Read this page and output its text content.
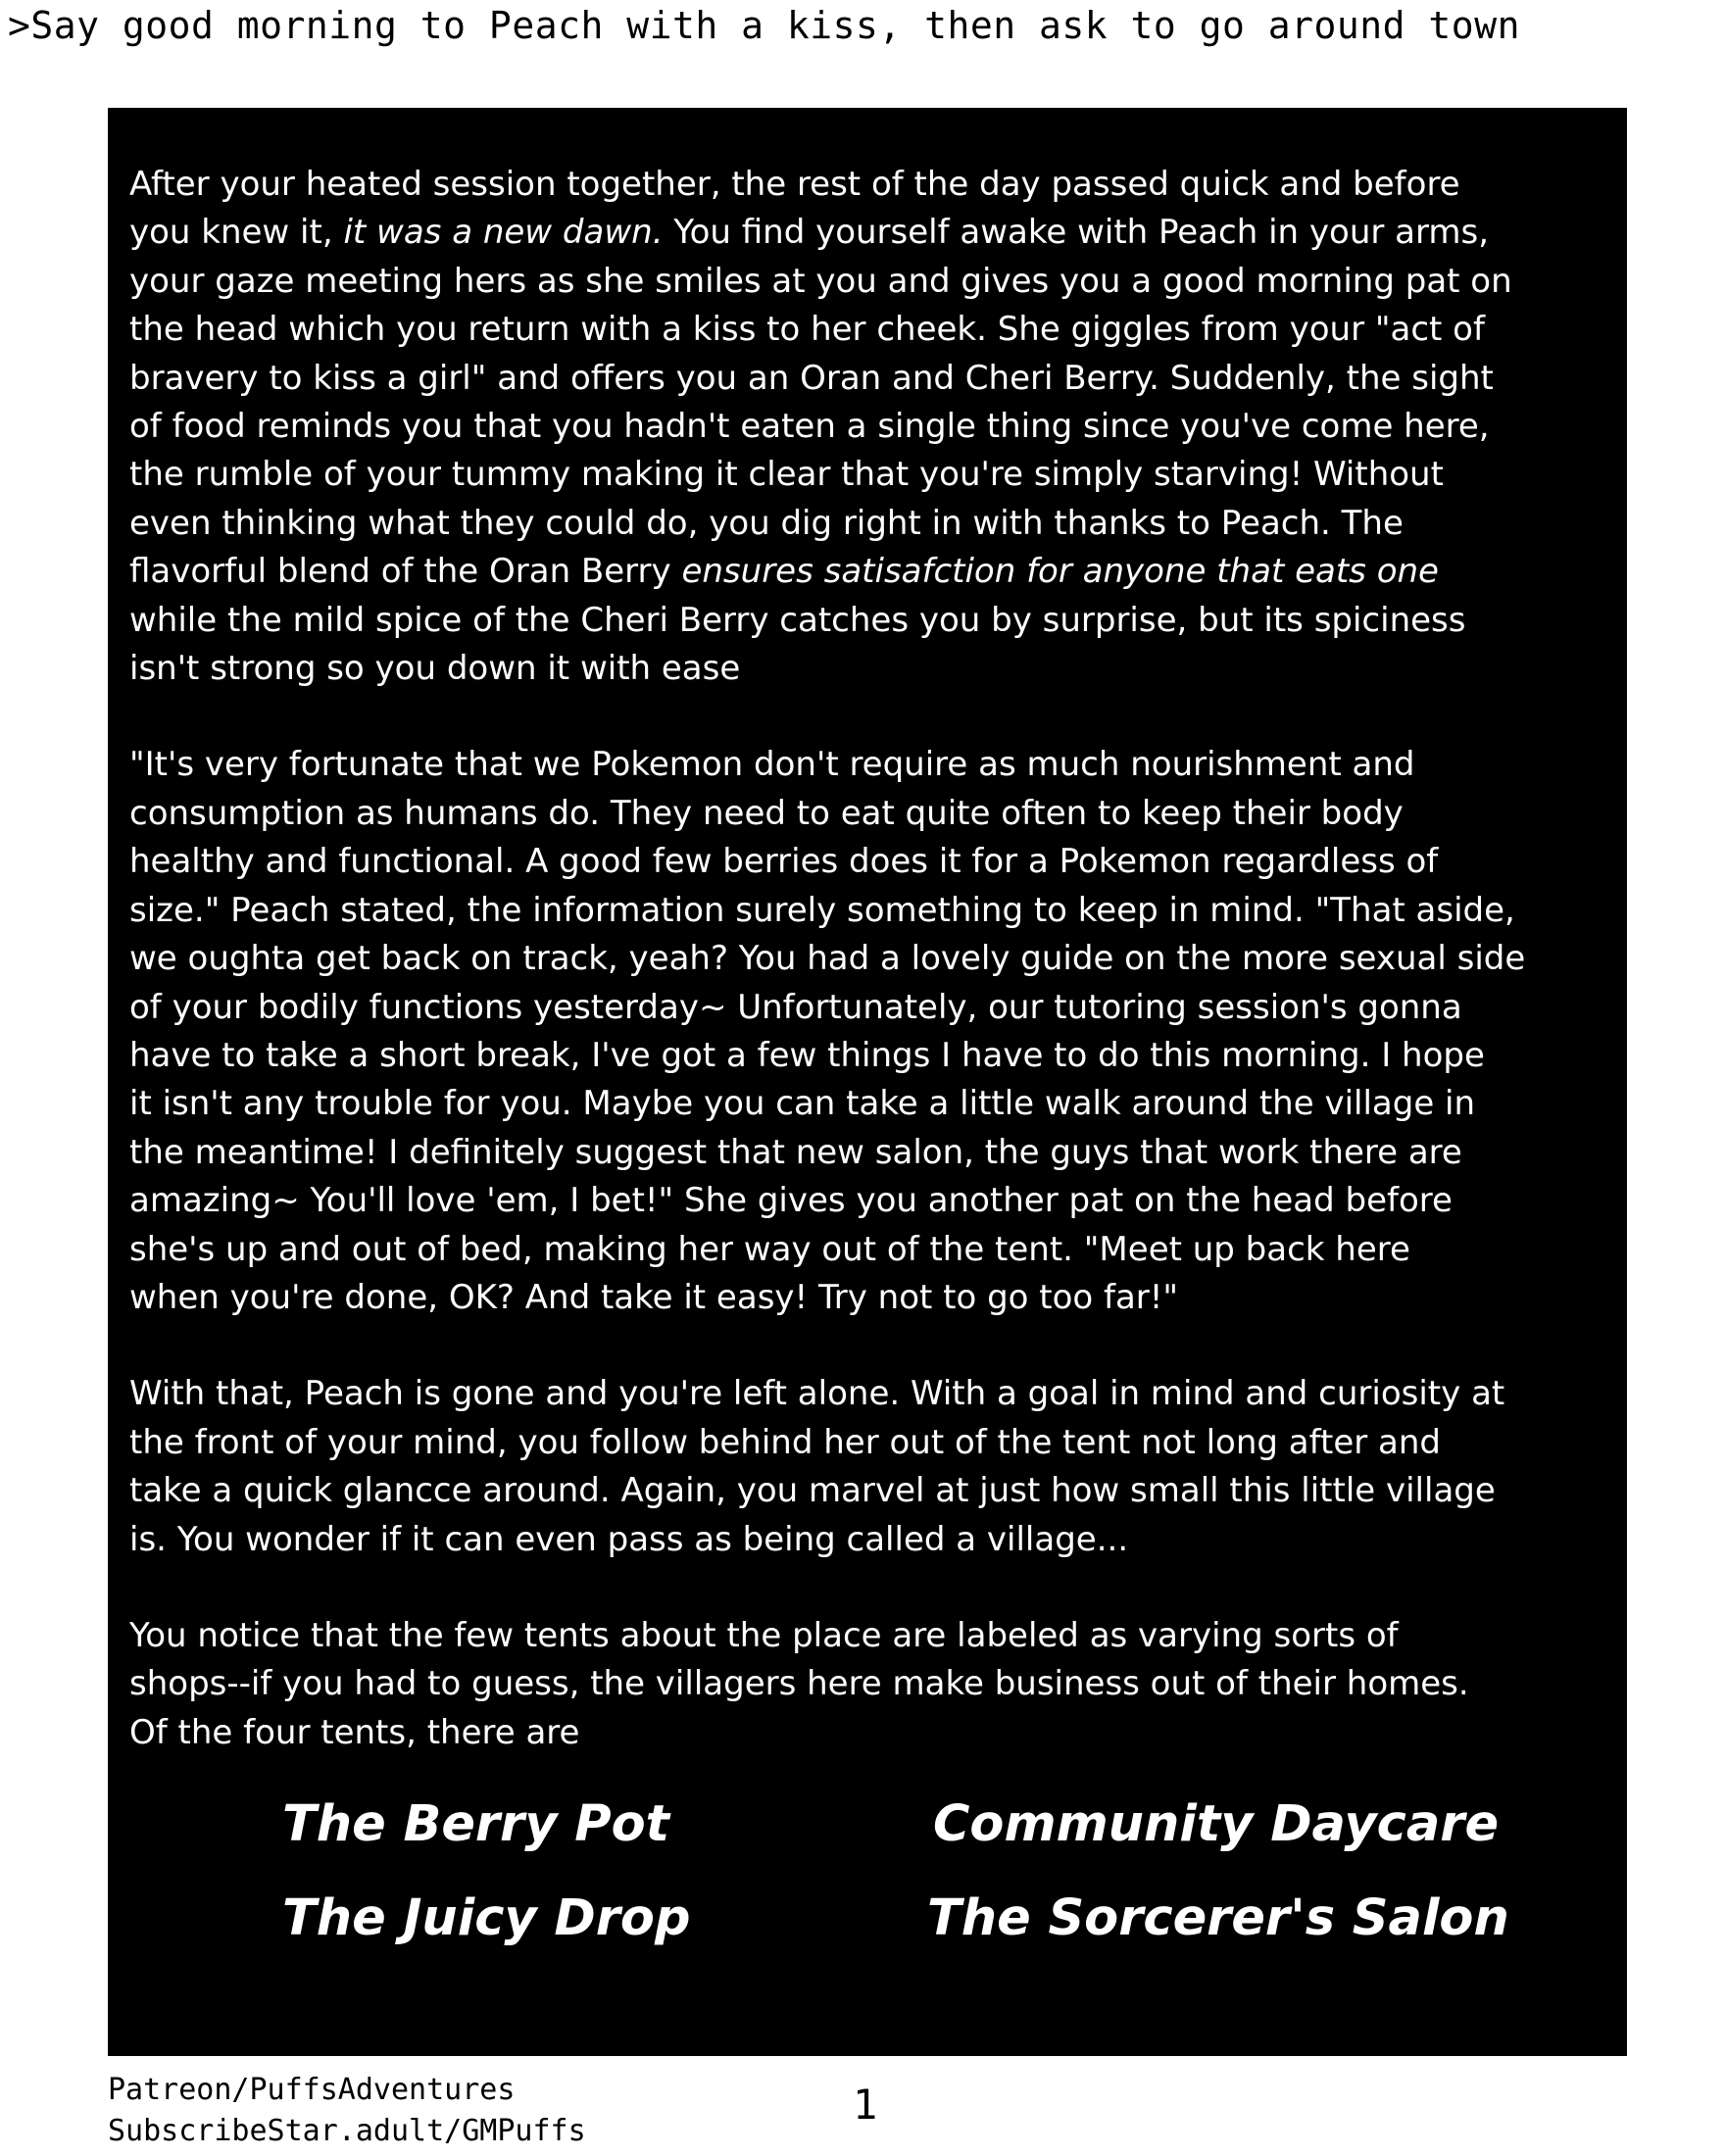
>Say good morning to Peach with a kiss, then ask to go around town

After your heated session together, the rest of the day passed quick and before
you knew it, it was a new dawn. You find yourself awake with Peach in your arms,
your gaze meeting hers as she smiles at you and gives you a good morning pat on
the head which you return with a kiss to her cheek. She giggles from your "act of
bravery to kiss a girl" and offers you an Oran and Cheri Berry. Suddenly, the sight
of food reminds you that you hadn't eaten a single thing since you've come here,
the rumble of your tummy making it clear that you're simply starving! Without
even thinking what they could do, you dig right in with thanks to Peach. The
flavorful blend of the Oran Berry ensures satisafction for anyone that eats one
while the mild spice of the Cheri Berry catches you by surprise, but its spiciness
isn't strong so you down it with ease

"It's very fortunate that we Pokemon don't require as much nourishment and
consumption as humans do. They need to eat quite often to keep their body
healthy and functional. A good few berries does it for a Pokemon regardless of
size." Peach stated, the information surely something to keep in mind. "That aside,
we oughta get back on track, yeah? You had a lovely guide on the more sexual side
of your bodily functions yesterday~ Unfortunately, our tutoring session's gonna
have to take a short break, I've got a few things I have to do this morning. I hope
it isn't any trouble for you. Maybe you can take a little walk around the village in
the meantime! I definitely suggest that new salon, the guys that work there are
amazing~ You'll love 'em, I bet!" She gives you another pat on the head before
she's up and out of bed, making her way out of the tent. "Meet up back here
when you're done, OK? And take it easy! Try not to go too far!"

With that, Peach is gone and you're left alone. With a goal in mind and curiosity at
the front of your mind, you follow behind her out of the tent not long after and
take a quick glancce around. Again, you marvel at just how small this little village
is. You wonder if it can even pass as being called a village...

You notice that the few tents about the place are labeled as varying sorts of
shops--if you had to guess, the villagers here make business out of their homes.
Of the four tents, there are

The Berry Pot	Community Daycare
The Juicy Drop	The Sorcerer's Salon
Patreon/PuffsAdventures
SubscribeStar.adult/GMPuffs
1
